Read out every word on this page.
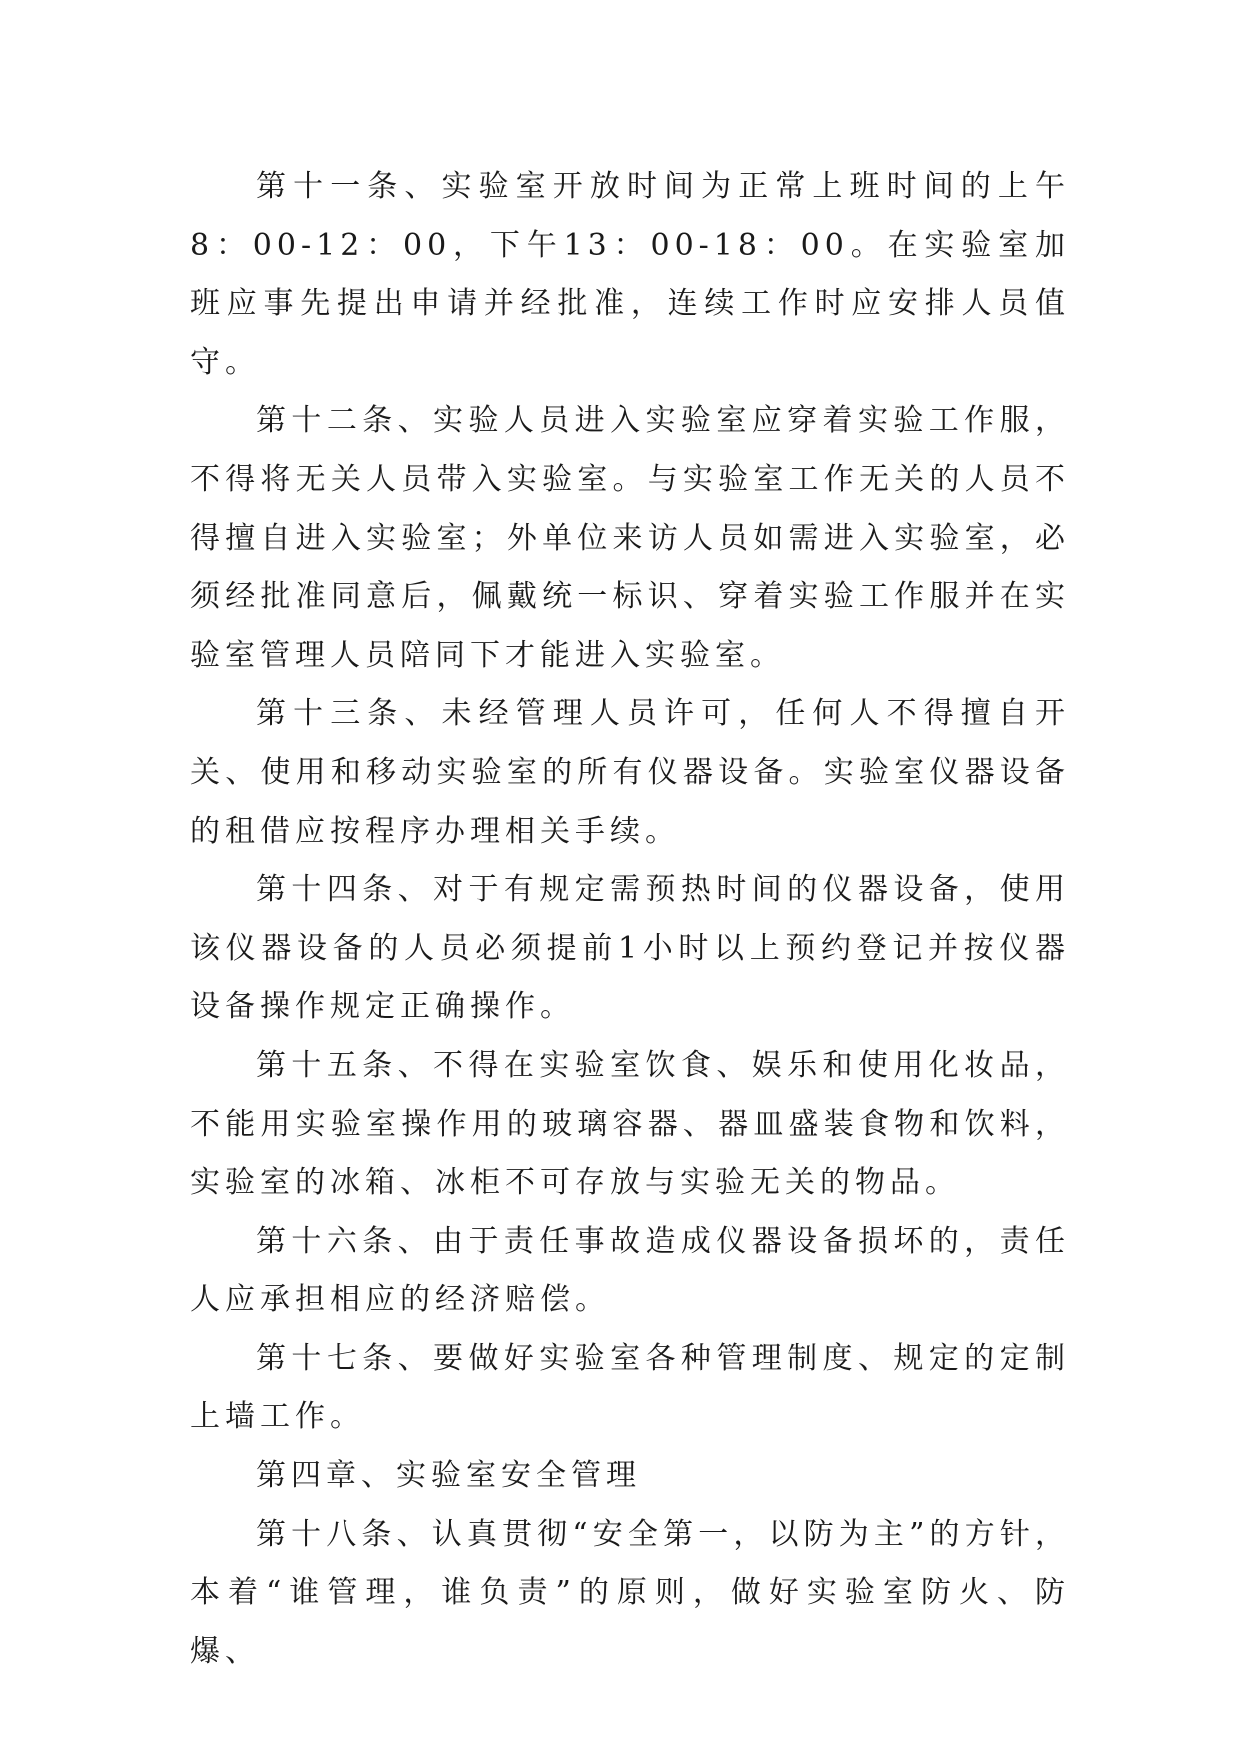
第十一条、实验室开放时间为正常上班时间的上午8：00-12：00，下午13：00-18：00。在实验室加班应事先提出申请并经批准，连续工作时应安排人员值守。

第十二条、实验人员进入实验室应穿着实验工作服，不得将无关人员带入实验室。与实验室工作无关的人员不得擅自进入实验室；外单位来访人员如需进入实验室，必须经批准同意后，佩戴统一标识、穿着实验工作服并在实验室管理人员陪同下才能进入实验室。

第十三条、未经管理人员许可，任何人不得擅自开关、使用和移动实验室的所有仪器设备。实验室仪器设备的租借应按程序办理相关手续。

第十四条、对于有规定需预热时间的仪器设备，使用该仪器设备的人员必须提前1小时以上预约登记并按仪器设备操作规定正确操作。

第十五条、不得在实验室饮食、娱乐和使用化妆品，不能用实验室操作用的玻璃容器、器皿盛装食物和饮料，实验室的冰箱、冰柜不可存放与实验无关的物品。

第十六条、由于责任事故造成仪器设备损坏的，责任人应承担相应的经济赔偿。

第十七条、要做好实验室各种管理制度、规定的定制上墙工作。

第四章、实验室安全管理

第十八条、认真贯彻“安全第一，以防为主”的方针，本着“谁管理，谁负责”的原则，做好实验室防火、防爆、
